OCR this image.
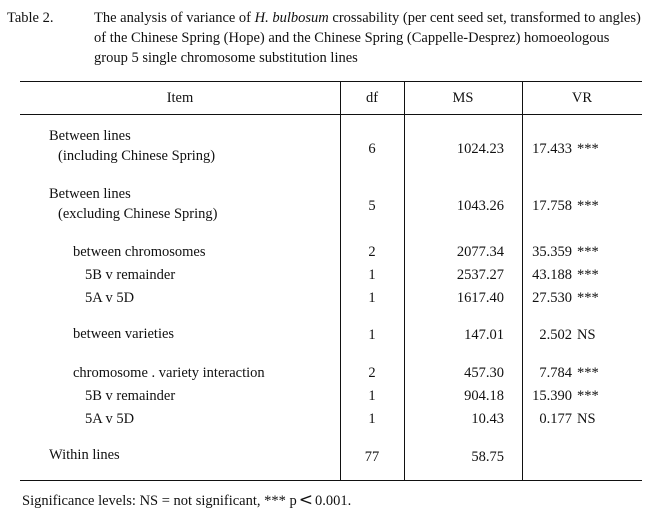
Table 2.	The analysis of variance of H. bulbosum crossability (per cent seed set, transformed to angles) of the Chinese Spring (Hope) and the Chinese Spring (Cappelle-Desprez) homoeologous group 5 single chromosome substitution lines
Item	df	MS	VR
Between lines
(including Chinese Spring)	6	1024.23	17.433 ***
Between lines
(excluding Chinese Spring)	5	1043.26	17.758 ***
between chromosomes	2	2077.34	35.359 ***
5B v remainder	1	2537.27	43.188 ***
5A v 5D	1	1617.40	27.530 ***
between varieties	1	147.01	2.502 NS
chromosome . variety interaction	2	457.30	7.784 ***
5B v remainder	1	904.18	15.390 ***
5A v 5D	1	10.43	0.177 NS
Within lines	77	58.75
Significance levels: NS = not significant, *** p < 0.001.
